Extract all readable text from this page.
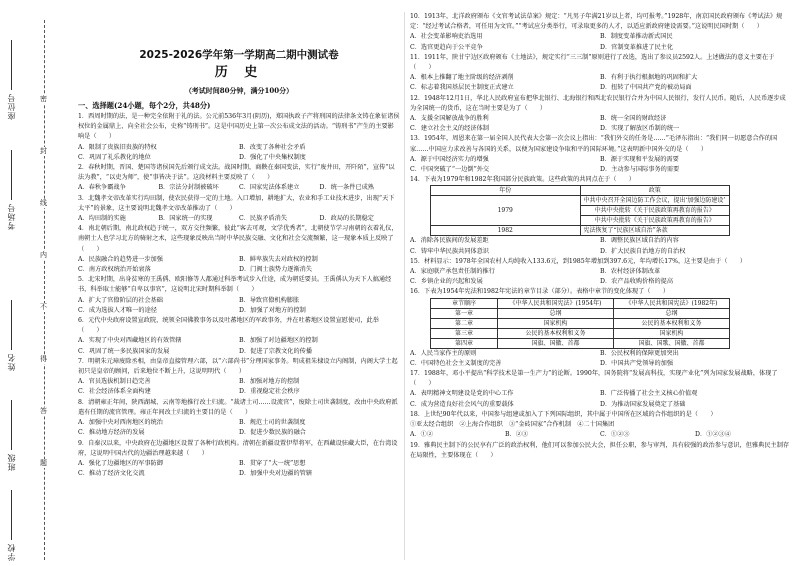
座位号
考场号
姓名
班级
学校
密
封
线
内
不
得
答
题
2025-2026学年第一学期高二期中测试卷
历 史
（考试时间80分钟，满分100分）
一、选择题(24小题，每个2分，共48分)

1．西周时期的法，是一种完全依附于礼的法。公元前536年3月(阴历)，郑国执政子产将刑国的法律条文铸在象征诸侯权位的金属鼎上，向全社会公布，史称“铸刑书”。这是中国历史上第一次公布成文法的活动。“铸刑书”产生的主要影响是（　　）

A．限制了贵族旧贵族的特权	B．改变了各种社会矛盾
C．巩固了礼乐教化的地位	D．强化了中央集权制度

2．春秋时期，晋国、楚国等诸侯国先后颁行成文法。战国时期，商鞅在秦国变法，实行“废井田，开阡陌”，宣传“以法为教”，“以吏为师”，使“事皆决于法”。这段材料主要反映了（　　）

A．春秋争霸战争	B．宗法分封制被破坏	C．国家宪法体系建立	D．统一条件已成熟

3．北魏孝文帝改革实行均田制，使农民获得一定的土地。入口增加，耕地扩大，农业和手工业技术进步，出现“天下太平”的景象，这主要说明北魏孝文帝改革推动了（　　）

A．均田制的实施	B．国家统一的实现	C．民族矛盾消失	D．政局的长期稳定

4．南北朝后期，南北政权趋于统一，双方交往频繁，彼此“客去可观，文学优秀者”，北朝使节学习南朝的衣着礼仪，南朝士人也学习北方的骑射之术，这些现象反映出当时中华民族交融、文化和社会交流频繁，这一现象本质上反映了（　　）

A．民族融合的趋势进一步加强	B．鲜卑族失去对政权的控制
C．南方政权统治开始衰落	D．门阀士族势力逐渐消失

5．北宋时期，出身贫寒的王禹偁、欧阳修等人都通过科举考试步入仕途，成为朝廷要员。王禹偁认为天下人搞通经书，科举取士能够“自卑以事官”，这说明北宋时期科举制（　　）

A．扩大了官僚阶层的社会基础	B．导致官僚机构膨胀
C．成为选拔人才唯一的途径	D．加强了对地方的控制

6．元代中央政府设置宣政院，统领全国佛教事务以及吐蕃地区的军政事务，并在吐蕃地区设置宣慰使司，此举（　　）

A．实现了中央对西藏地区的有效管辖	B．加强了对边疆地区的控制
C．巩固了统一多民族国家的发展	D．促进了宗教文化的传播

7．明朝朱元璋废除丞相，由皇帝直接管理六部，以“六部尚书”分理国家事务。明成祖朱棣设立内阁制，内阁大学士起初只是皇帝的顾问，后来地位不断上升，这说明明代（　　）

A．官员选拔机制日趋完善	B．加强对地方的控制
C．社会经济体系全面构建	D．重视稳定社会秩序

8．清朝雍正年间，陕西湖城、云南等地推行改土归流。“裁诸土司……设流官”，废除土司世袭制度，改由中央政府派遣有任期的流官管理。雍正年间改土归流的主要目的是（　　）

A．加强中央对西南地区的统治	B．规范土司的世袭制度
C．推动地方经济的发展	D．促进少数民族的融合

9．自秦汉以来，中央政府在边疆地区设置了各种行政机构。清朝在新疆设置伊犁将军，在西藏设驻藏大臣，在台湾设府，这说明中国古代的边疆治理越来越（　　）

A．强化了边疆地区的军事防御	B．贯穿了“大一统”思想
C．推动了经济文化交流	D．加强中央对边疆的管辖

10．1913年，北洋政府颁布《文官考试法草案》规定：“凡男子年满21岁以上者，均可报考。”1928年，南京国民政府颁布《考试法》规定：“经过考试合格者，可任用为文官。”“考试应分类举行，可录取更多的人才，以适应新政府建设需要。”这说明民国时期（　　）

A．社会变革影响吏治选用	B．制度变革推动新式国民
C．选官更趋向于公平竞争	D．官制变革推进了民主化

11．1911年，陕甘宁边区政府颁布《土地法》，规定实行“三三制”原则进行了改选，选出了参议员2592人。上述做法的意义主要在于（　　）

A．根本上推翻了地主阶级的经济剥削	B．有利于执行根据地的巩固和扩大
C．标志着我国基层民主制度正式建立	D．扭转了中国共产党的被动局面

12．1948年12月1日，华北人民政府宣布把华北银行、北海银行和西北农民银行合并为中国人民银行，发行人民币。随后，人民币逐步成为全国统一的货币，这在当时主要是为了（　　）

A．支援全国解放战争的胜利	B．统一全国的财政经济
C．建立社会主义的经济体制	D．实现了解放区币制的统一

13．1954年，周恩来在第一届全国人民代表大会第一次会议上指出：“我们外交的任务是……”毛泽东指出：“我们同一切愿意合作的国家……中国应力求改善与各国的关系，以便为国家建设争取和平的国际环境。”这表明新中国外交的是（　　）

A．源于中国经济实力的增强	B．源于实现和平发展的需要
C．中国突破了“一边倒”外交	D．主动参与国际事务的需要

14．下表为1979年和1982年我国部分民族政策。这些政策的共同点在于（　　）

年份	政策
1979	中共中央召开全国边防工作会议，提出‘加强边防建设’
	中共中央批转《关于民族政策再教育的报告》
	中共中央批转《关于民族政策再教育的报告》
1982	宪法恢复了“民族区域自治”条款
A．消除各民族间的发展差距	B．调整民族区域自治的内容
C．铸牢中华民族共同体意识	D．扩大民族自治地方的自治权

15．材料显示：1978年全国农村人均纯收入133.6元，到1985年增加到397.6元，年均增长17%，这主要是由于（　　）

A．家庭联产承包责任制的推行	B．农村经济体制改革
C．乡镇企业的兴起和发展	D．农产品收购价格的提高

16．下表为1954年宪法和1982年宪法的章节目录（部分）。表格中章节的变化体现了（　　）

章节顺序	《中华人民共和国宪法》(1954年)	《中华人民共和国宪法》(1982年)
第一章	总纲	总纲
第二章	国家机构	公民的基本权利和义务
第三章	公民的基本权利和义务	国家机构
第四章	国旗、国徽、首都	国旗、国歌、国徽、首都
A．人民当家作主的原则	B．公民权利的保障更加突出
C．中国特色社会主义制度的完善	D．中国共产党领导的加强

17．1988年，邓小平提出“科学技术是第一生产力”的论断。1990年，国务院将“发展高科技，实现产业化”列为国家发展战略，体现了（　　）

A．表明精神文明建设是党的中心工作	B．广泛传播了社会主义核心价值观
C．成为营造良好社会风气的重要载体	D．为推动国家发展奠定了基础

18．上世纪90年代以来，中国参与组建或加入了下列国际组织，其中属于中国所在区域的合作组织的是（　　）

①亚太经合组织　②上海合作组织　③“金砖国家”合作机制　④二十国集团
A．①②	B．②③	C．①②③	D．①②③④

19．雅典民主制下的公民享有广泛的政治权利，他们可以参加公民大会，担任公职，参与审判，具有较强的政治参与意识，但雅典民主制存在局限性，主要体现在（　　）
